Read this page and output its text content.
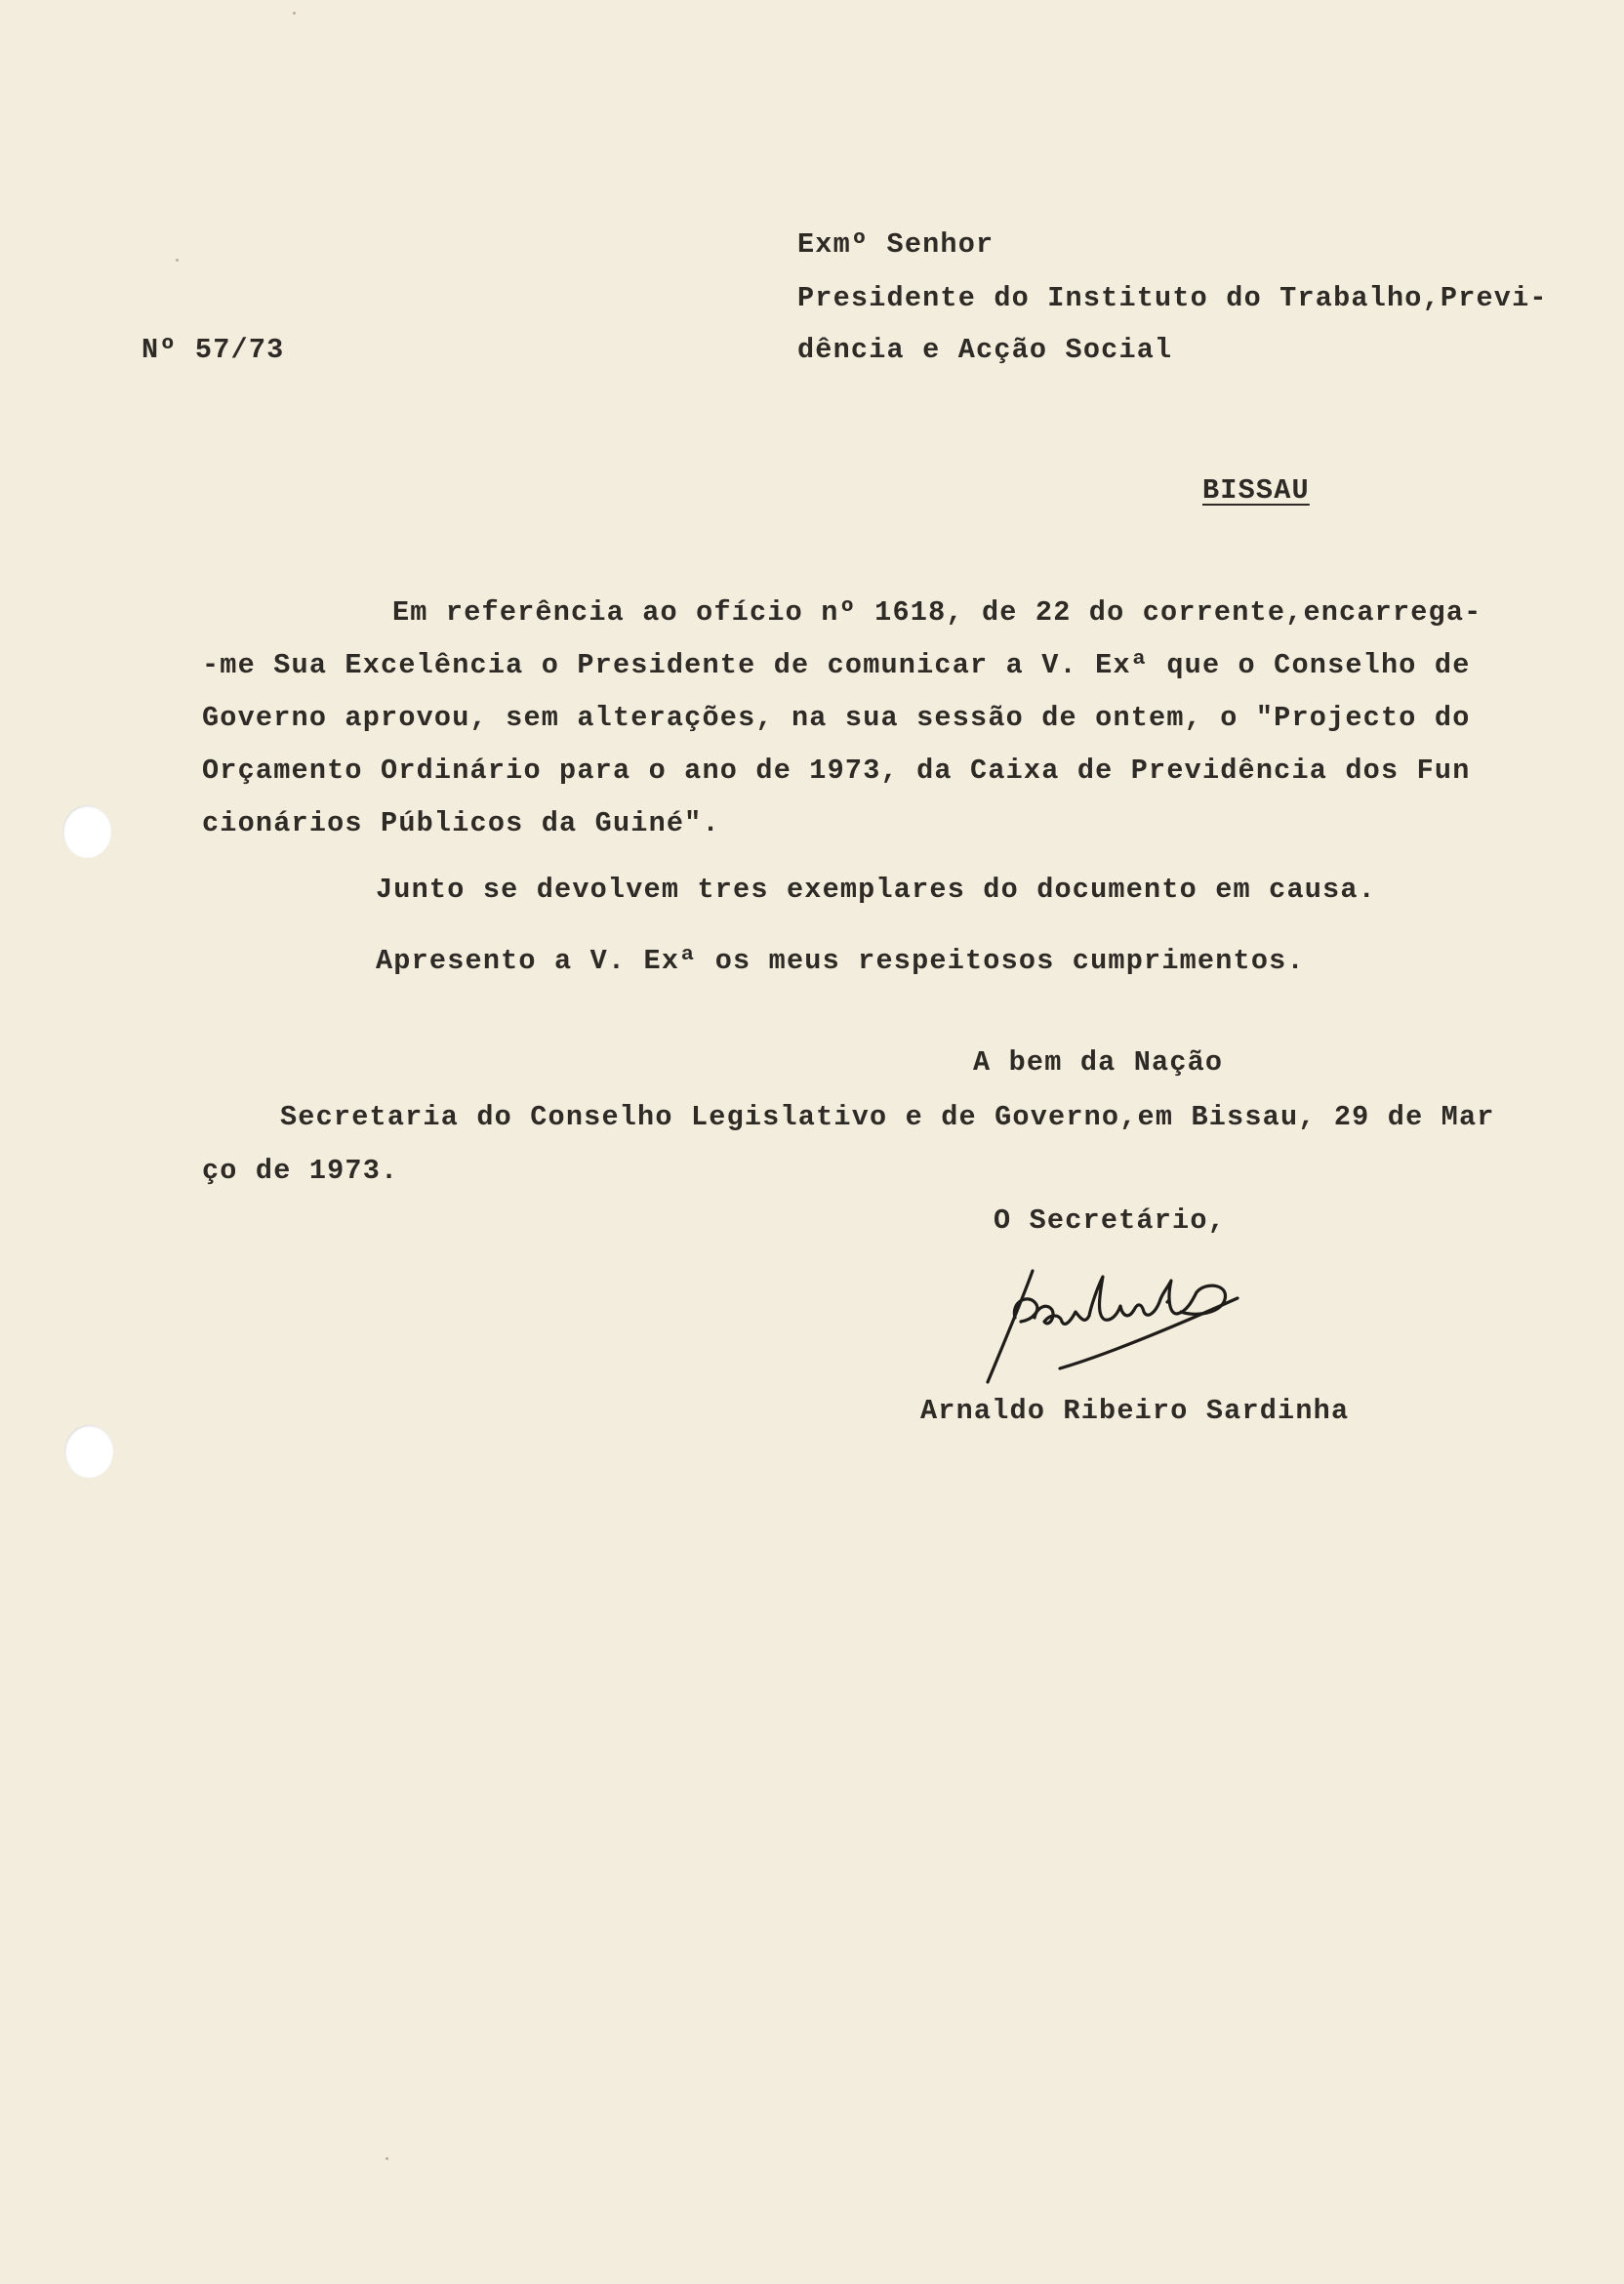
Exmº Senhor
Presidente do Instituto do Trabalho,Previ-
Nº 57/73	dência e Acção Social
BISSAU
Em referência ao ofício nº 1618, de 22 do corrente,encarrega-
-me Sua Excelência o Presidente de comunicar a V. Exª que o Conselho de
Governo aprovou, sem alterações, na sua sessão de ontem, o "Projecto do
Orçamento Ordinário para o ano de 1973, da Caixa de Previdência dos Fun
cionários Públicos da Guiné".
Junto se devolvem tres exemplares do documento em causa.
Apresento a V. Exª os meus respeitosos cumprimentos.
A bem da Nação
Secretaria do Conselho Legislativo e de Governo,em Bissau, 29 de Mar
ço de 1973.
O Secretário,
Arnaldo Ribeiro Sardinha
